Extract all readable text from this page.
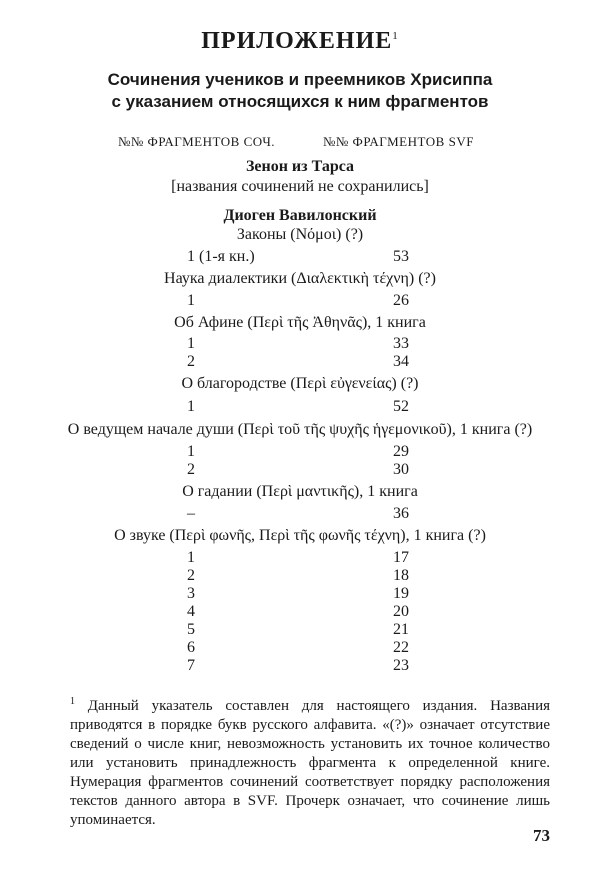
ПРИЛОЖЕНИЕ$^1$
Сочинения учеников и преемников Хрисиппа
с указанием относящихся к ним фрагментов
№№ ФРАГМЕНТОВ СОЧ.	№№ ФРАГМЕНТОВ SVF
Зенон из Тарса
[названия сочинений не сохранились]
Диоген Вавилонский
Законы (Νόμοι) (?)
1 (1-я кн.)	53
Наука диалектики (Διαλεκτικὴ τέχνη) (?)
1	26
Об Афине (Περὶ τῆς Ἀθηνᾶς), 1 книга
1	33
2	34
О благородстве (Περὶ εὐγενείας) (?)
1	52
О ведущем начале души (Περὶ τοῦ τῆς ψυχῆς ἡγεμονικοῦ), 1 книга (?)
1	29
2	30
О гадании (Περὶ μαντικῆς), 1 книга
–	36
О звуке (Περὶ φωνῆς, Περὶ τῆς φωνῆς τέχνη), 1 книга (?)
1	17
2	18
3	19
4	20
5	21
6	22
7	23
$^1$ Данный указатель составлен для настоящего издания. Названия приводятся в порядке букв русского алфавита. «(?)» означает отсутствие сведений о числе книг, невозможность установить их точное количество или установить принадлежность фрагмента к определенной книге. Нумерация фрагментов сочинений соответствует порядку расположения текстов данного автора в SVF. Прочерк означает, что сочинение лишь упоминается.
73
